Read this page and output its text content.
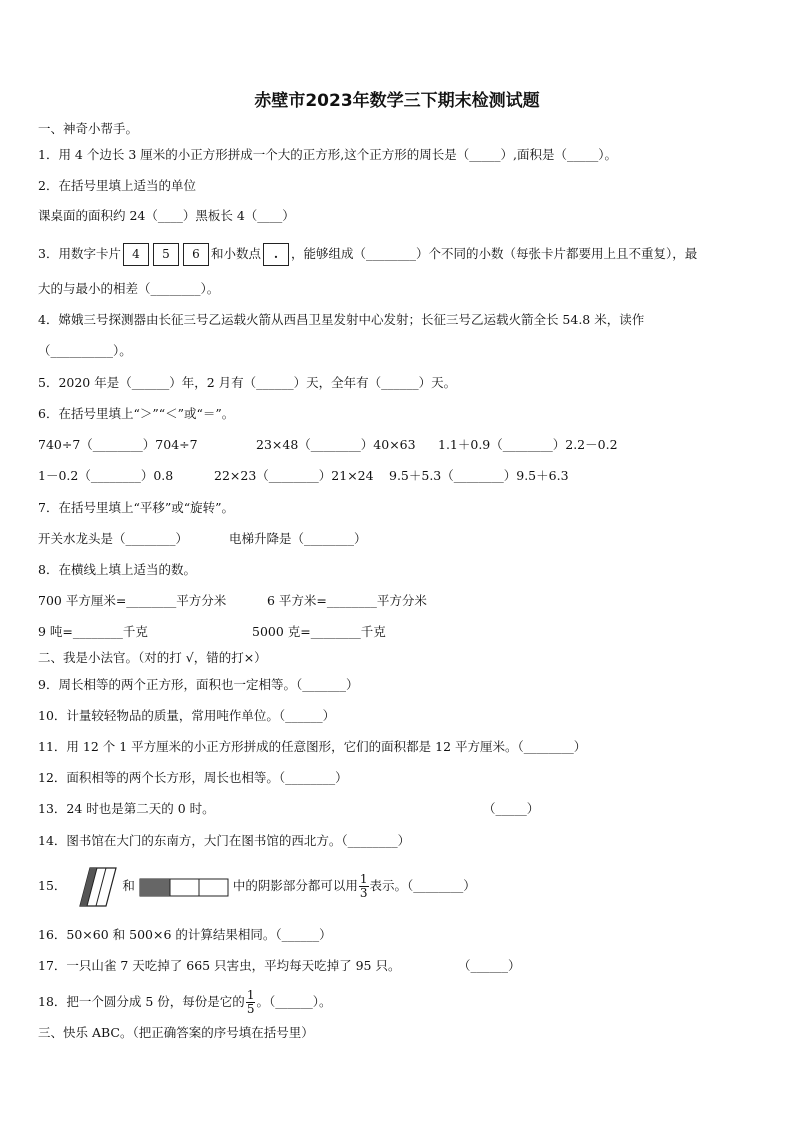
赤壁市2023年数学三下期末检测试题
一、神奇小帮手。
1．用 4 个边长 3 厘米的小正方形拼成一个大的正方形,这个正方形的周长是（_____）,面积是（_____）。
2．在括号里填上适当的单位
课桌面的面积约 24（____）黑板长 4（____）
3．用数字卡片 4 5 6 和小数点 . ，能够组成（________）个不同的小数（每张卡片都要用上且不重复），最
大的与最小的相差（________）。
4．嫦娥三号探测器由长征三号乙运载火箭从西昌卫星发射中心发射；长征三号乙运载火箭全长 54.8 米，读作
（__________）。
5．2020 年是（______）年，2 月有（______）天，全年有（______）天。
6．在括号里填上“＞”“＜”或“＝”。
740÷7（________）704÷7	23×48（________）40×63 1.1＋0.9（________）2.2－0.2
1－0.2（________）0.8	22×23（________）21×24 9.5＋5.3（________）9.5＋6.3
7．在括号里填上“平移”或“旋转”。
开关水龙头是（________）	电梯升降是（________）
8．在横线上填上适当的数。
700 平方厘米=________平方分米	6 平方米=________平方分米
9 吨=________千克	5000 克=________千克
二、我是小法官。（对的打 √，错的打×）
9．周长相等的两个正方形，面积也一定相等。（_______）
10．计量较轻物品的质量，常用吨作单位。（______）
11．用 12 个 1 平方厘米的小正方形拼成的任意图形，它们的面积都是 12 平方厘米。（________）
12．面积相等的两个长方形，周长也相等。（________）
13．24 时也是第二天的 0 时。	（_____）
14．图书馆在大门的东南方，大门在图书馆的西北方。（________）
15．	和	中的阴影部分都可以用 $\frac{1}{3}$ 表示。（________）
16．50×60 和 500×6 的计算结果相同。（______）
17．一只山雀 7 天吃掉了 665 只害虫，平均每天吃掉了 95 只。	（______）
18．把一个圆分成 5 份，每份是它的 $\frac{1}{5}$ 。（______）。
三、快乐 ABC。（把正确答案的序号填在括号里）
